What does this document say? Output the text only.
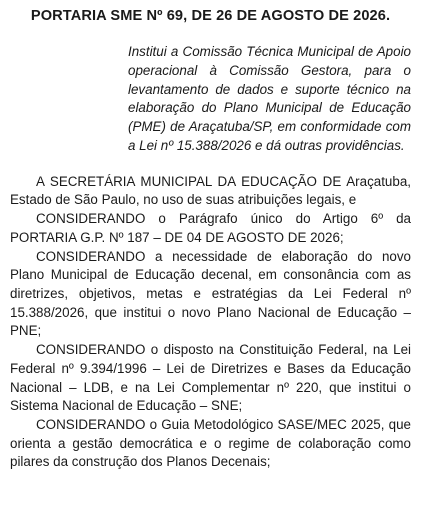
PORTARIA SME Nº 69, DE 26 DE AGOSTO DE 2026.

Institui a Comissão Técnica Municipal de Apoio operacional à Comissão Gestora, para o levantamento de dados e suporte técnico na elaboração do Plano Municipal de Educação (PME) de Araçatuba/SP, em conformidade com a Lei nº 15.388/2026 e dá outras providências.

A SECRETÁRIA MUNICIPAL DA EDUCAÇÃO DE Araçatuba, Estado de São Paulo, no uso de suas atribuições legais, e

CONSIDERANDO o Parágrafo único do Artigo 6º da PORTARIA G.P. Nº 187 – DE 04 DE AGOSTO DE 2026;

CONSIDERANDO a necessidade de elaboração do novo Plano Municipal de Educação decenal, em consonância com as diretrizes, objetivos, metas e estratégias da Lei Federal nº 15.388/2026, que institui o novo Plano Nacional de Educação – PNE;

CONSIDERANDO o disposto na Constituição Federal, na Lei Federal nº 9.394/1996 – Lei de Diretrizes e Bases da Educação Nacional – LDB, e na Lei Complementar nº 220, que institui o Sistema Nacional de Educação – SNE;

CONSIDERANDO o Guia Metodológico SASE/MEC 2025, que orienta a gestão democrática e o regime de colaboração como pilares da construção dos Planos Decenais;
